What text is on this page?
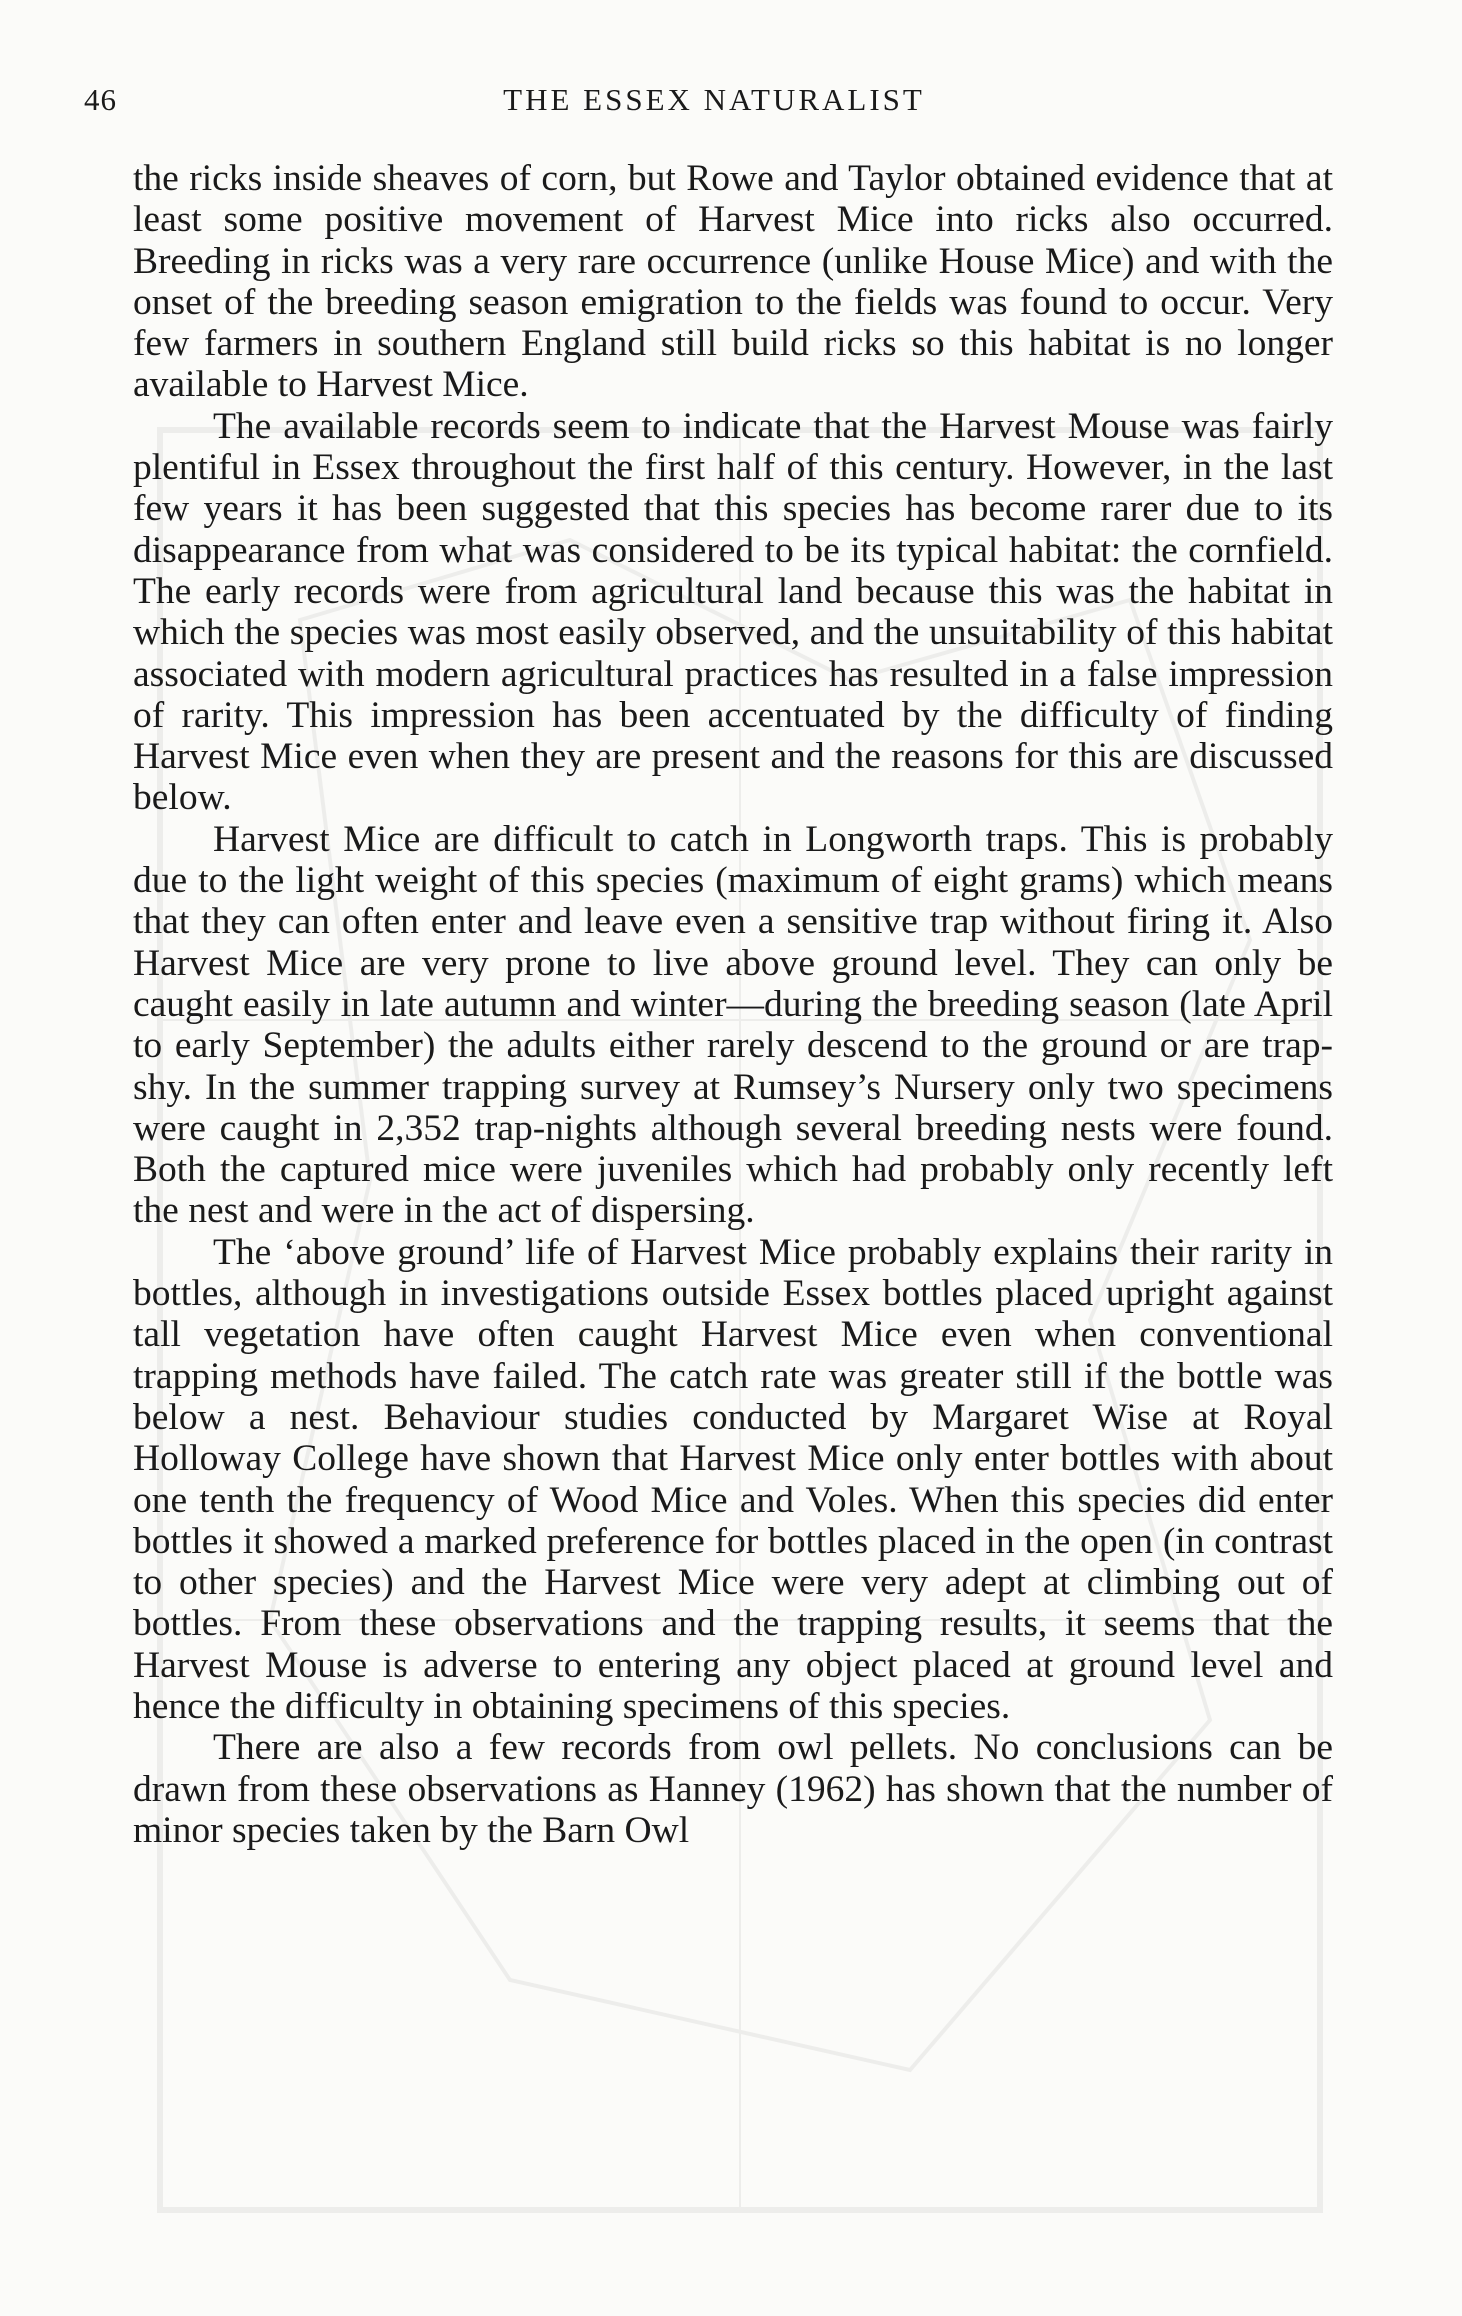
46	THE ESSEX NATURALIST

the ricks inside sheaves of corn, but Rowe and Taylor obtained evidence that at least some positive movement of Harvest Mice into ricks also occurred. Breeding in ricks was a very rare occurrence (unlike House Mice) and with the onset of the breeding season emigration to the fields was found to occur. Very few farmers in southern England still build ricks so this habitat is no longer available to Harvest Mice.

The available records seem to indicate that the Harvest Mouse was fairly plentiful in Essex throughout the first half of this century. However, in the last few years it has been suggested that this species has become rarer due to its disappearance from what was considered to be its typical habitat: the cornfield. The early records were from agricultural land because this was the habitat in which the species was most easily observed, and the unsuitability of this habitat associated with modern agricultural practices has resulted in a false impression of rarity. This impression has been accentuated by the difficulty of finding Harvest Mice even when they are present and the reasons for this are discussed below.

Harvest Mice are difficult to catch in Longworth traps. This is probably due to the light weight of this species (maximum of eight grams) which means that they can often enter and leave even a sensitive trap without firing it. Also Harvest Mice are very prone to live above ground level. They can only be caught easily in late autumn and winter—during the breeding season (late April to early September) the adults either rarely descend to the ground or are trap-shy. In the summer trapping survey at Rumsey’s Nursery only two specimens were caught in 2,352 trap-nights although several breeding nests were found. Both the captured mice were juveniles which had probably only recently left the nest and were in the act of dispersing.

The ‘above ground’ life of Harvest Mice probably explains their rarity in bottles, although in investigations outside Essex bottles placed upright against tall vegetation have often caught Harvest Mice even when conventional trapping methods have failed. The catch rate was greater still if the bottle was below a nest. Behaviour studies conducted by Margaret Wise at Royal Holloway College have shown that Harvest Mice only enter bottles with about one tenth the frequency of Wood Mice and Voles. When this species did enter bottles it showed a marked preference for bottles placed in the open (in contrast to other species) and the Harvest Mice were very adept at climbing out of bottles. From these observations and the trapping results, it seems that the Harvest Mouse is adverse to entering any object placed at ground level and hence the difficulty in obtaining specimens of this species.

There are also a few records from owl pellets. No conclusions can be drawn from these observations as Hanney (1962) has shown that the number of minor species taken by the Barn Owl
